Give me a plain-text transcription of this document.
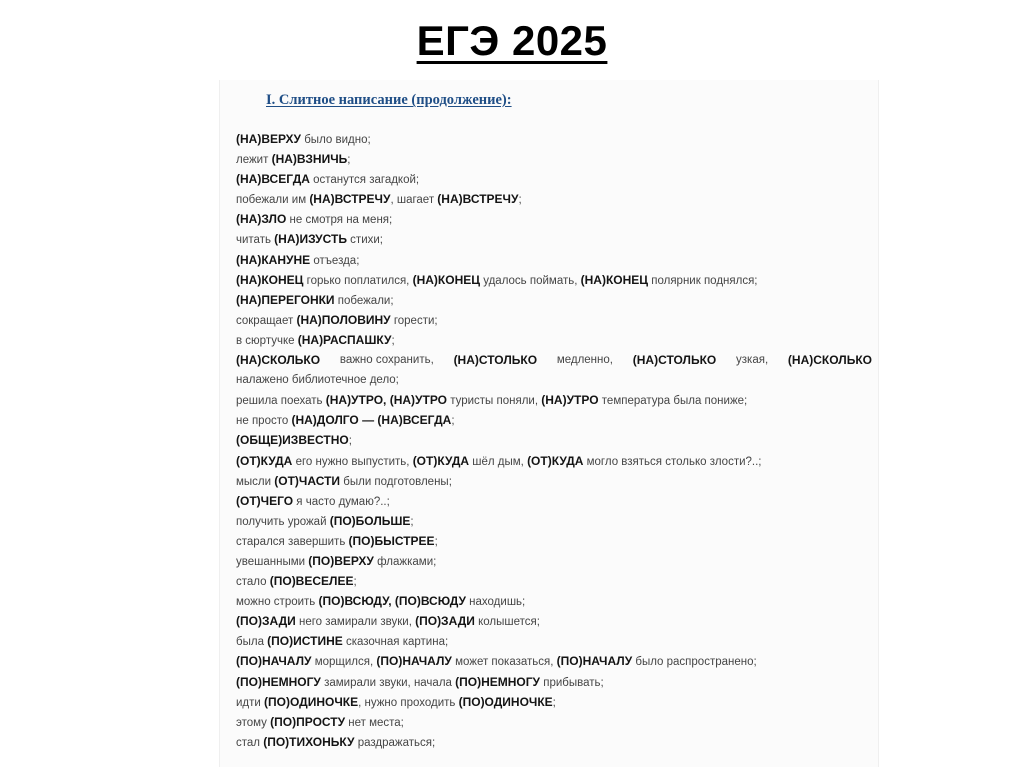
ЕГЭ 2025

I. Слитное написание (продолжение):

(НА)ВЕРХУ было видно;
лежит (НА)ВЗНИЧЬ;
(НА)ВСЕГДА останутся загадкой;
побежали им (НА)ВСТРЕЧУ, шагает (НА)ВСТРЕЧУ;
(НА)ЗЛО не смотря на меня;
читать (НА)ИЗУСТЬ стихи;
(НА)КАНУНЕ отъезда;
(НА)КОНЕЦ горько поплатился, (НА)КОНЕЦ удалось поймать, (НА)КОНЕЦ полярник поднялся;
(НА)ПЕРЕГОНКИ побежали;
сокращает (НА)ПОЛОВИНУ горести;
в сюртучке (НА)РАСПАШКУ;
(НА)СКОЛЬКО важно сохранить, (НА)СТОЛЬКО медленно, (НА)СТОЛЬКО узкая, (НА)СКОЛЬКО
налажено библиотечное дело;
решила поехать (НА)УТРО, (НА)УТРО туристы поняли, (НА)УТРО температура была пониже;
не просто (НА)ДОЛГО — (НА)ВСЕГДА;
(ОБЩЕ)ИЗВЕСТНО;
(ОТ)КУДА его нужно выпустить, (ОТ)КУДА шёл дым, (ОТ)КУДА могло взяться столько злости?..;
мысли (ОТ)ЧАСТИ были подготовлены;
(ОТ)ЧЕГО я часто думаю?..;
получить урожай (ПО)БОЛЬШЕ;
старался завершить (ПО)БЫСТРЕЕ;
увешанными (ПО)ВЕРХУ флажками;
стало (ПО)ВЕСЕЛЕЕ;
можно строить (ПО)ВСЮДУ, (ПО)ВСЮДУ находишь;
(ПО)ЗАДИ него замирали звуки, (ПО)ЗАДИ колышется;
была (ПО)ИСТИНЕ сказочная картина;
(ПО)НАЧАЛУ морщился, (ПО)НАЧАЛУ может показаться, (ПО)НАЧАЛУ было распространено;
(ПО)НЕМНОГУ замирали звуки, начала (ПО)НЕМНОГУ прибывать;
идти (ПО)ОДИНОЧКЕ, нужно проходить (ПО)ОДИНОЧКЕ;
этому (ПО)ПРОСТУ нет места;
стал (ПО)ТИХОНЬКУ раздражаться;
